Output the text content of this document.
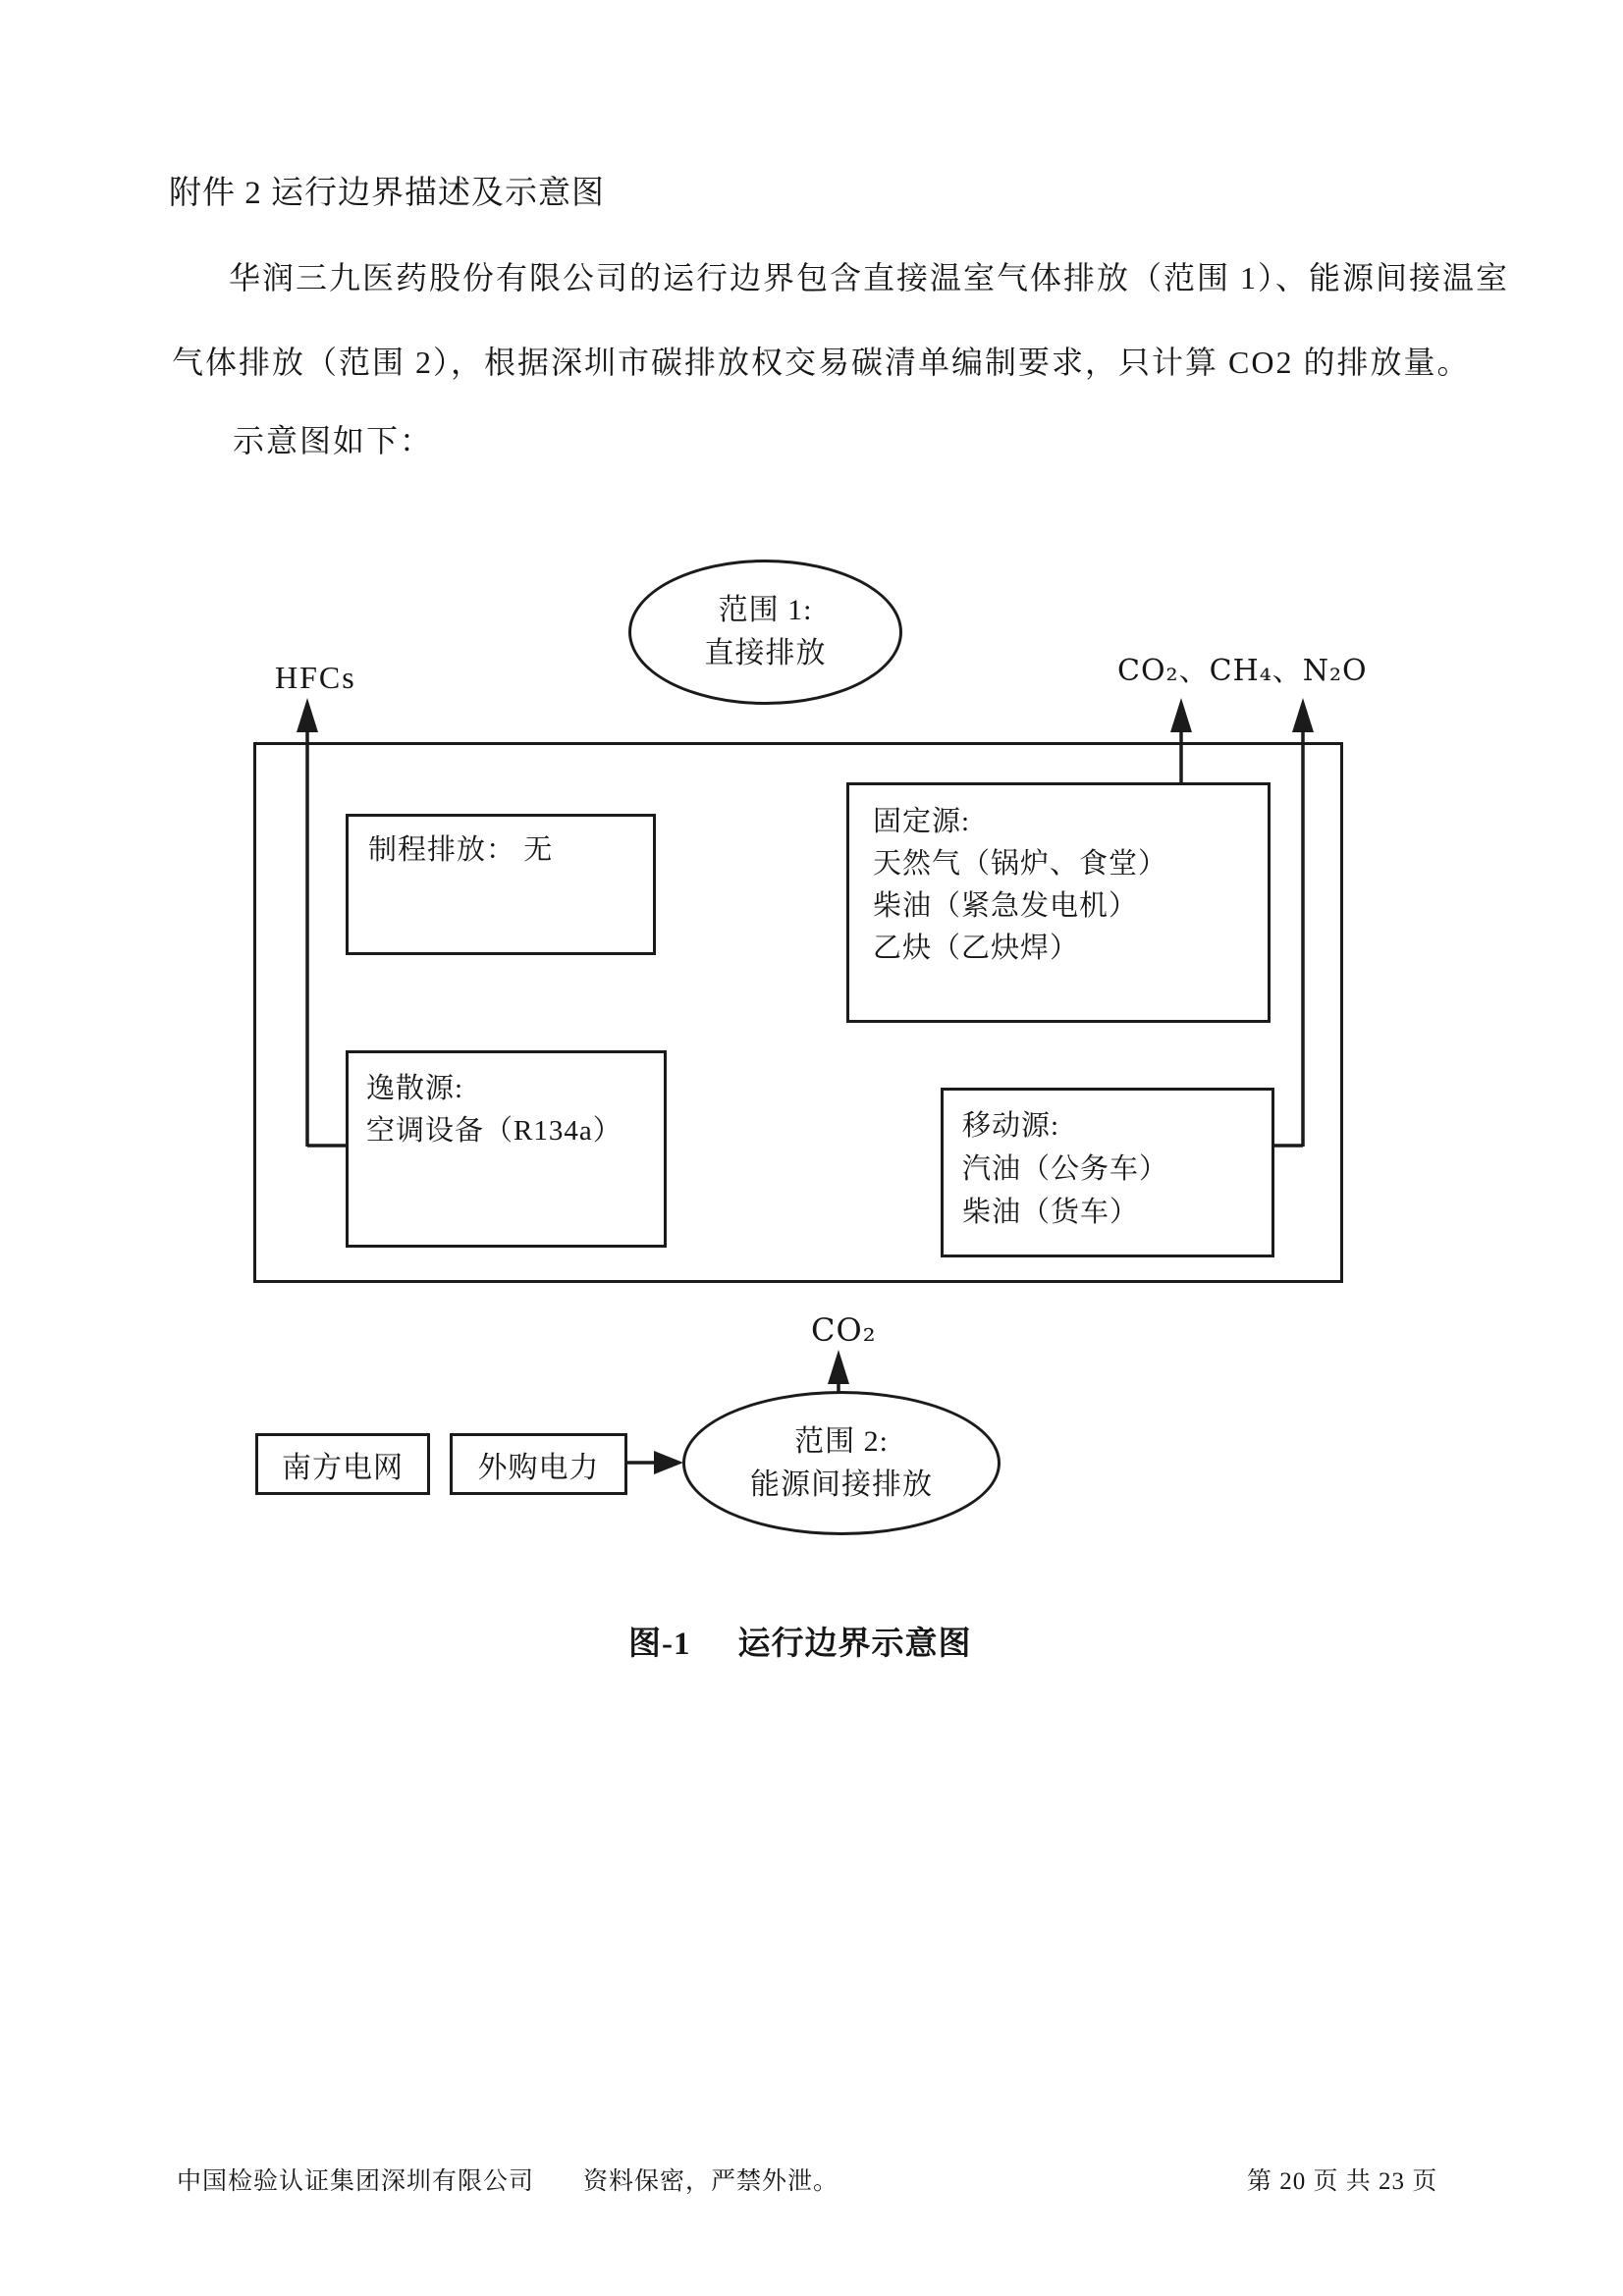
附件 2 运行边界描述及示意图
华润三九医药股份有限公司的运行边界包含直接温室气体排放（范围 1）、能源间接温室
气体排放（范围 2），根据深圳市碳排放权交易碳清单编制要求，只计算 CO2 的排放量。
示意图如下：
范围 1:
直接排放
HFCs	CO₂、CH₄、N₂O
制程排放： 无
固定源:
天然气（锅炉、食堂）
柴油（紧急发电机）
乙炔（乙炔焊）
逸散源:
空调设备（R134a）	移动源:
汽油（公务车）
柴油（货车）
CO₂
范围 2:
能源间接排放
南方电网	外购电力
图-1 运行边界示意图
中国检验认证集团深圳有限公司 资料保密，严禁外泄。	第 20 页 共 23 页
